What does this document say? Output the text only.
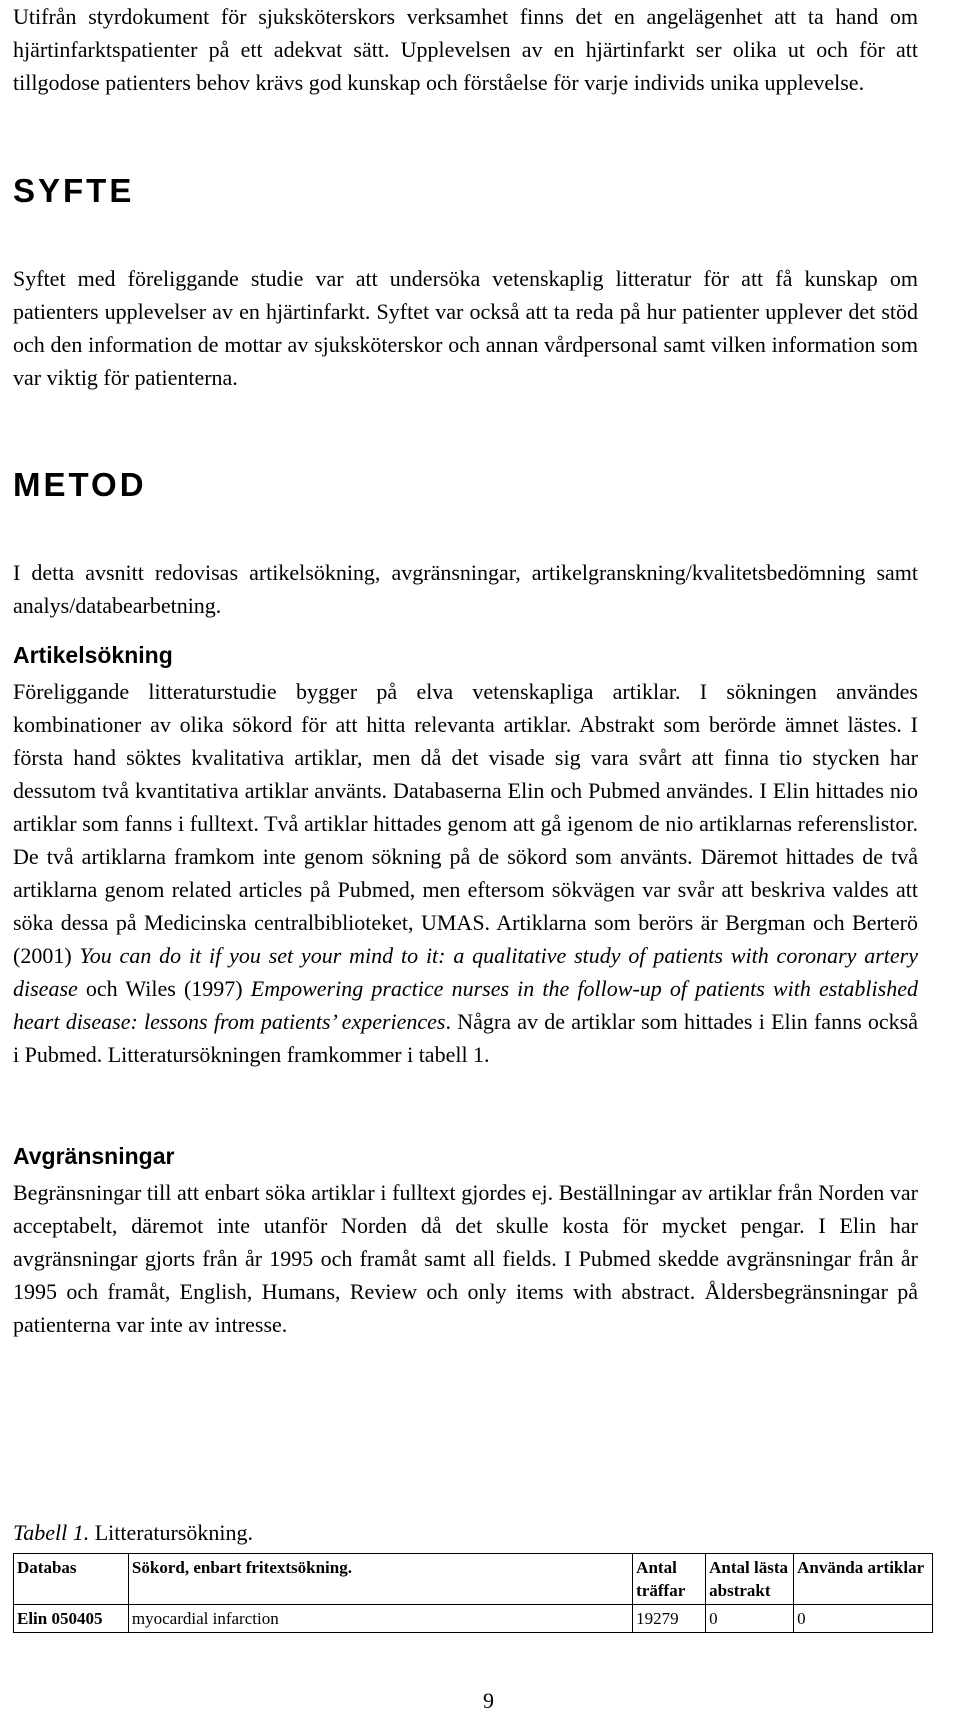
Utifrån styrdokument för sjuksköterskors verksamhet finns det en angelägenhet att ta hand om hjärtinfarktspatienter på ett adekvat sätt. Upplevelsen av en hjärtinfarkt ser olika ut och för att tillgodose patienters behov krävs god kunskap och förståelse för varje individs unika upplevelse.

SYFTE

Syftet med föreliggande studie var att undersöka vetenskaplig litteratur för att få kunskap om patienters upplevelser av en hjärtinfarkt. Syftet var också att ta reda på hur patienter upplever det stöd och den information de mottar av sjuksköterskor och annan vårdpersonal samt vilken information som var viktig för patienterna.

METOD

I detta avsnitt redovisas artikelsökning, avgränsningar, artikelgranskning/kvalitetsbedömning samt analys/databearbetning.

Artikelsökning

Föreliggande litteraturstudie bygger på elva vetenskapliga artiklar. I sökningen användes kombinationer av olika sökord för att hitta relevanta artiklar. Abstrakt som berörde ämnet lästes. I första hand söktes kvalitativa artiklar, men då det visade sig vara svårt att finna tio stycken har dessutom två kvantitativa artiklar använts. Databaserna Elin och Pubmed användes. I Elin hittades nio artiklar som fanns i fulltext. Två artiklar hittades genom att gå igenom de nio artiklarnas referenslistor. De två artiklarna framkom inte genom sökning på de sökord som använts. Däremot hittades de två artiklarna genom related articles på Pubmed, men eftersom sökvägen var svår att beskriva valdes att söka dessa på Medicinska centralbiblioteket, UMAS. Artiklarna som berörs är Bergman och Berterö (2001) You can do it if you set your mind to it: a qualitative study of patients with coronary artery disease och Wiles (1997) Empowering practice nurses in the follow-up of patients with established heart disease: lessons from patients’ experiences. Några av de artiklar som hittades i Elin fanns också i Pubmed. Litteratursökningen framkommer i tabell 1.

Avgränsningar

Begränsningar till att enbart söka artiklar i fulltext gjordes ej. Beställningar av artiklar från Norden var acceptabelt, däremot inte utanför Norden då det skulle kosta för mycket pengar. I Elin har avgränsningar gjorts från år 1995 och framåt samt all fields. I Pubmed skedde avgränsningar från år 1995 och framåt, English, Humans, Review och only items with abstract. Åldersbegränsningar på patienterna var inte av intresse.

Tabell 1. Litteratursökning.
Databas	Sökord, enbart fritextsökning.	Antal träffar	Antal lästa abstrakt	Använda artiklar
Elin 050405	myocardial infarction	19279	0	0
9
